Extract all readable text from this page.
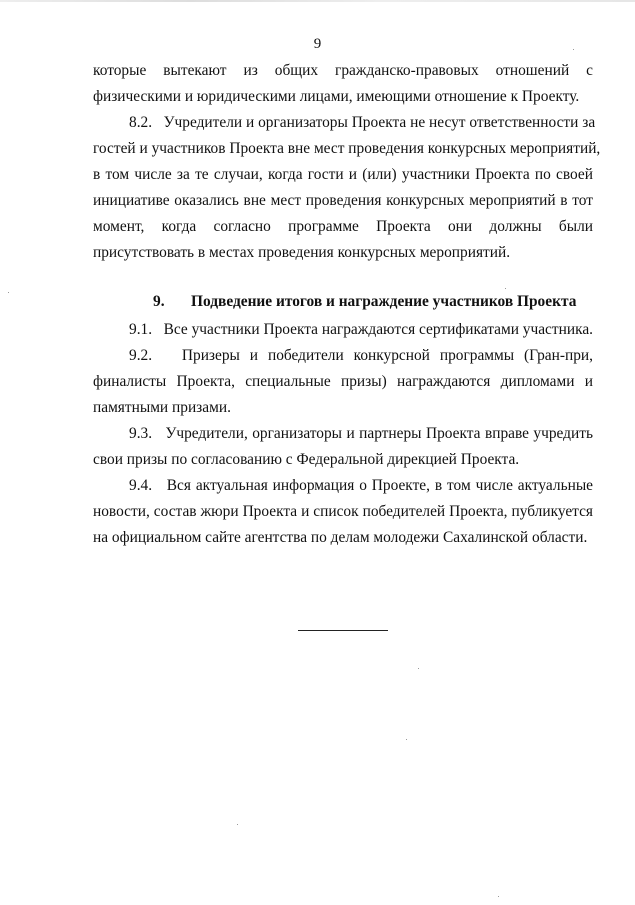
9
которые вытекают из общих гражданско-правовых отношений с
физическими и юридическими лицами, имеющими отношение к Проекту.
8.2. Учредители и организаторы Проекта не несут ответственности за
гостей и участников Проекта вне мест проведения конкурсных мероприятий,
в том числе за те случаи, когда гости и (или) участники Проекта по своей
инициативе оказались вне мест проведения конкурсных мероприятий в тот
момент, когда согласно программе Проекта они должны были
присутствовать в местах проведения конкурсных мероприятий.
9. Подведение итогов и награждение участников Проекта
9.1. Все участники Проекта награждаются сертификатами участника.
9.2. Призеры и победители конкурсной программы (Гран-при,
финалисты Проекта, специальные призы) награждаются дипломами и
памятными призами.
9.3. Учредители, организаторы и партнеры Проекта вправе учредить
свои призы по согласованию с Федеральной дирекцией Проекта.
9.4. Вся актуальная информация о Проекте, в том числе актуальные
новости, состав жюри Проекта и список победителей Проекта, публикуется
на официальном сайте агентства по делам молодежи Сахалинской области.
